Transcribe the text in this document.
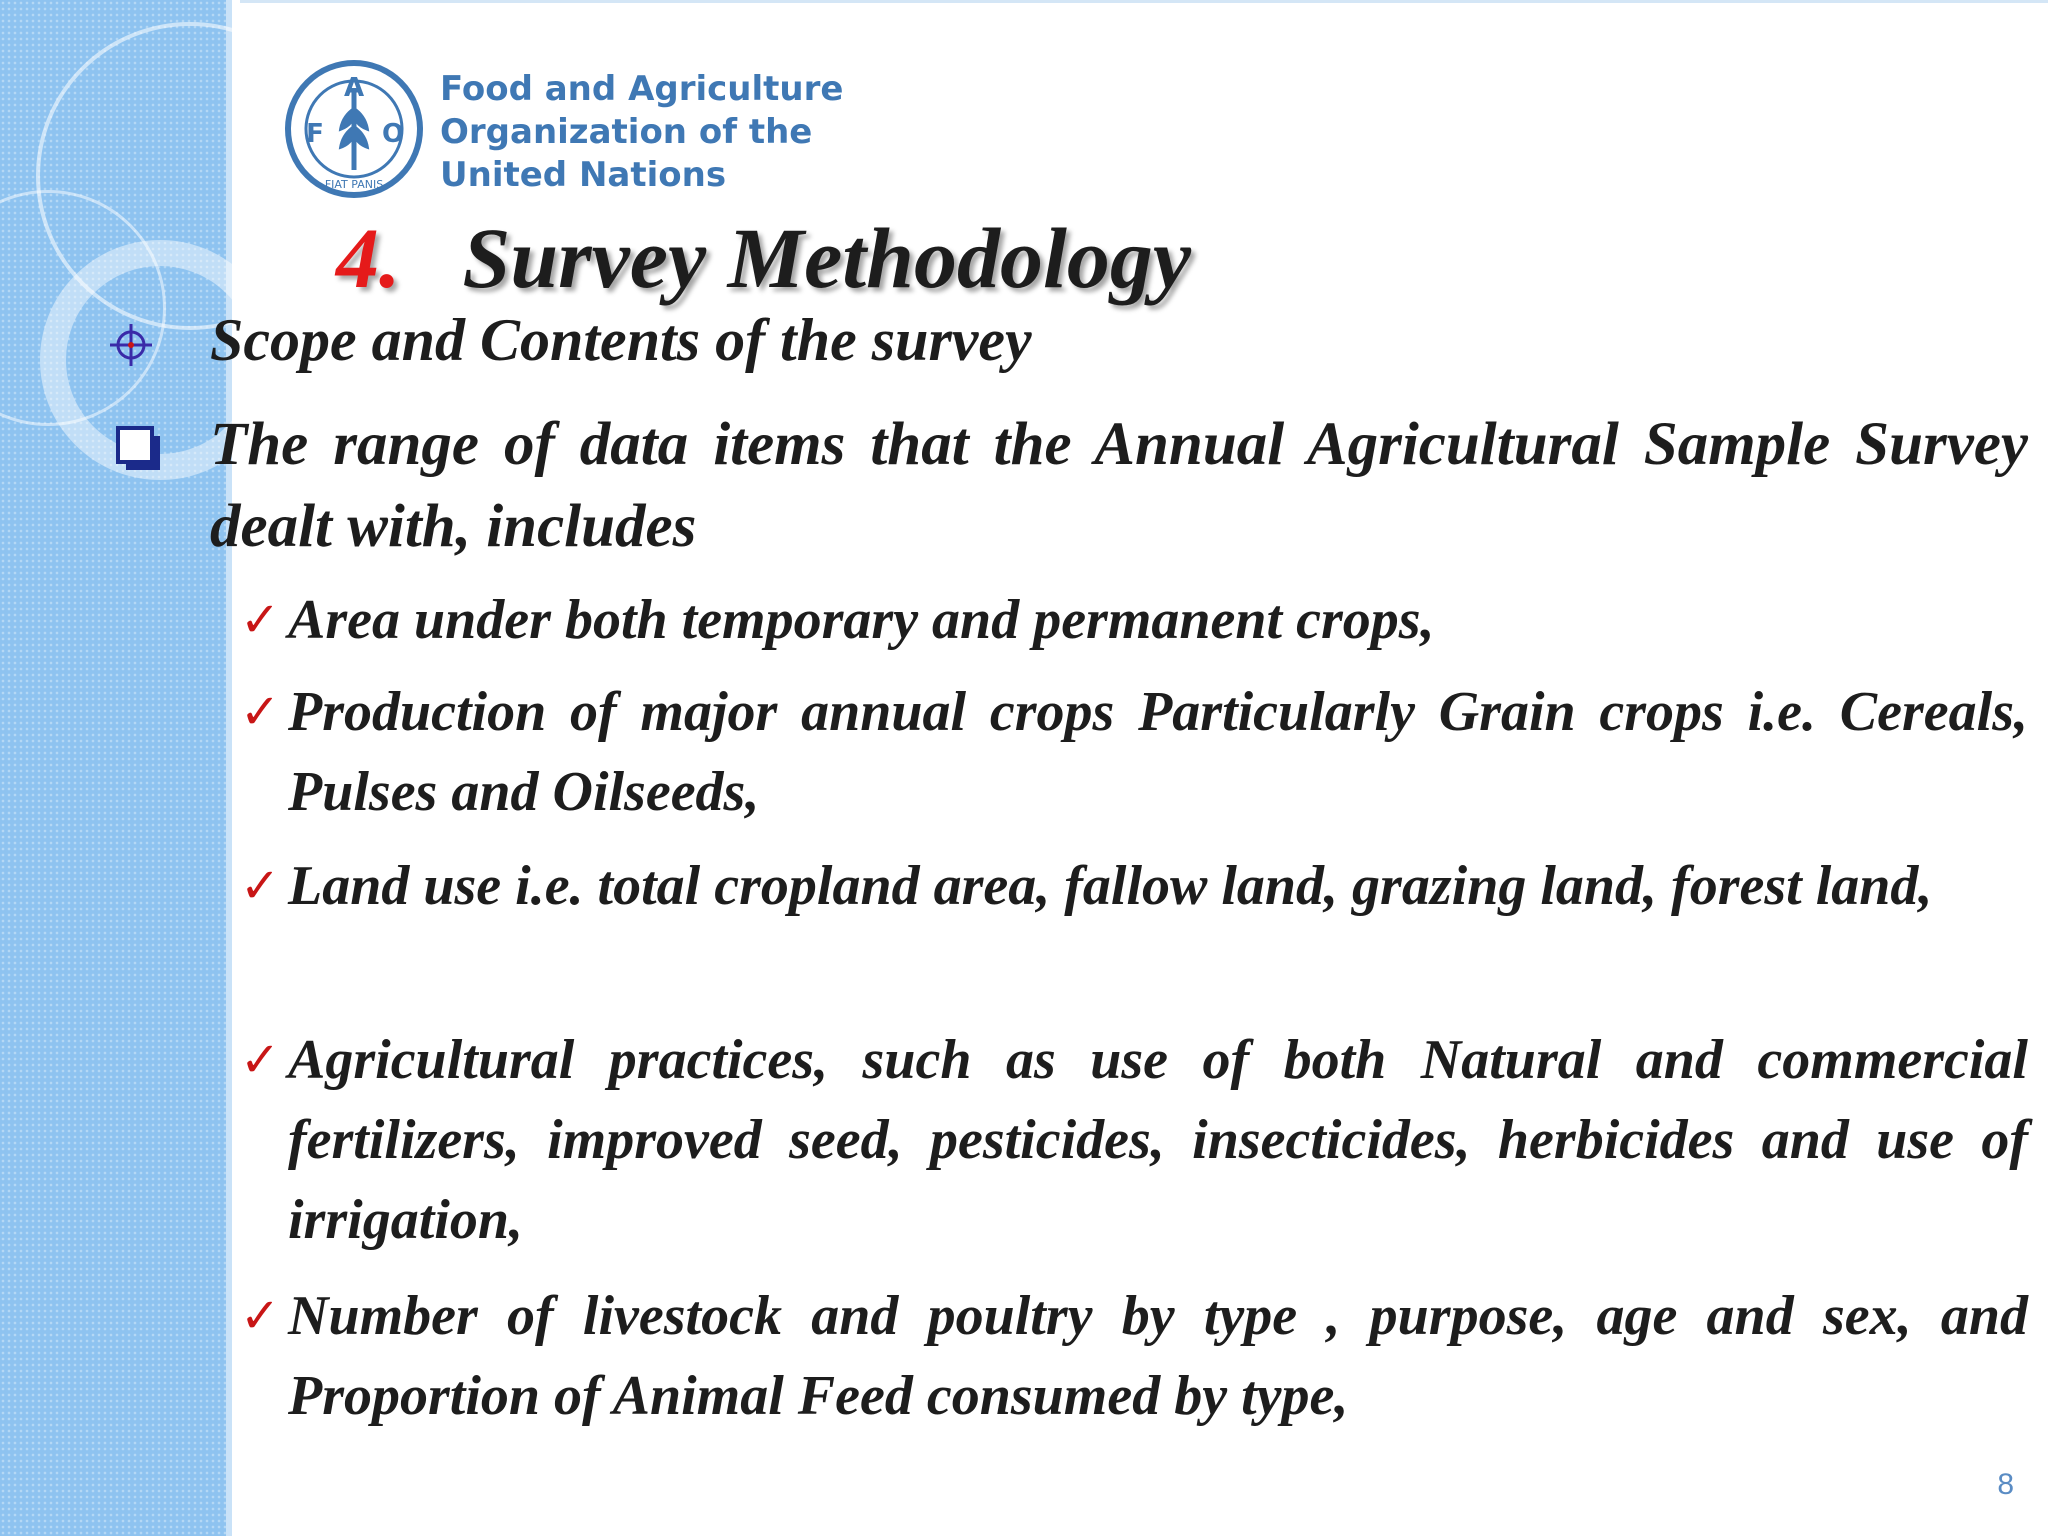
F
A
O
FIAT PANIS
Food and Agriculture
Organization of the
United Nations
4. Survey Methodology
Scope and Contents of the survey
The range of data items that the Annual Agricultural Sample Survey dealt with, includes
✓ Area under both temporary and permanent crops,
✓ Production of major annual crops Particularly Grain crops i.e. Cereals, Pulses and Oilseeds,
✓ Land use i.e. total cropland area, fallow land, grazing land, forest land,
✓ Agricultural practices, such as use of both Natural and commercial fertilizers, improved seed, pesticides, insecticides, herbicides and use of irrigation,
✓ Number of livestock and poultry by type , purpose, age and sex, and Proportion of Animal Feed consumed by type,
8
